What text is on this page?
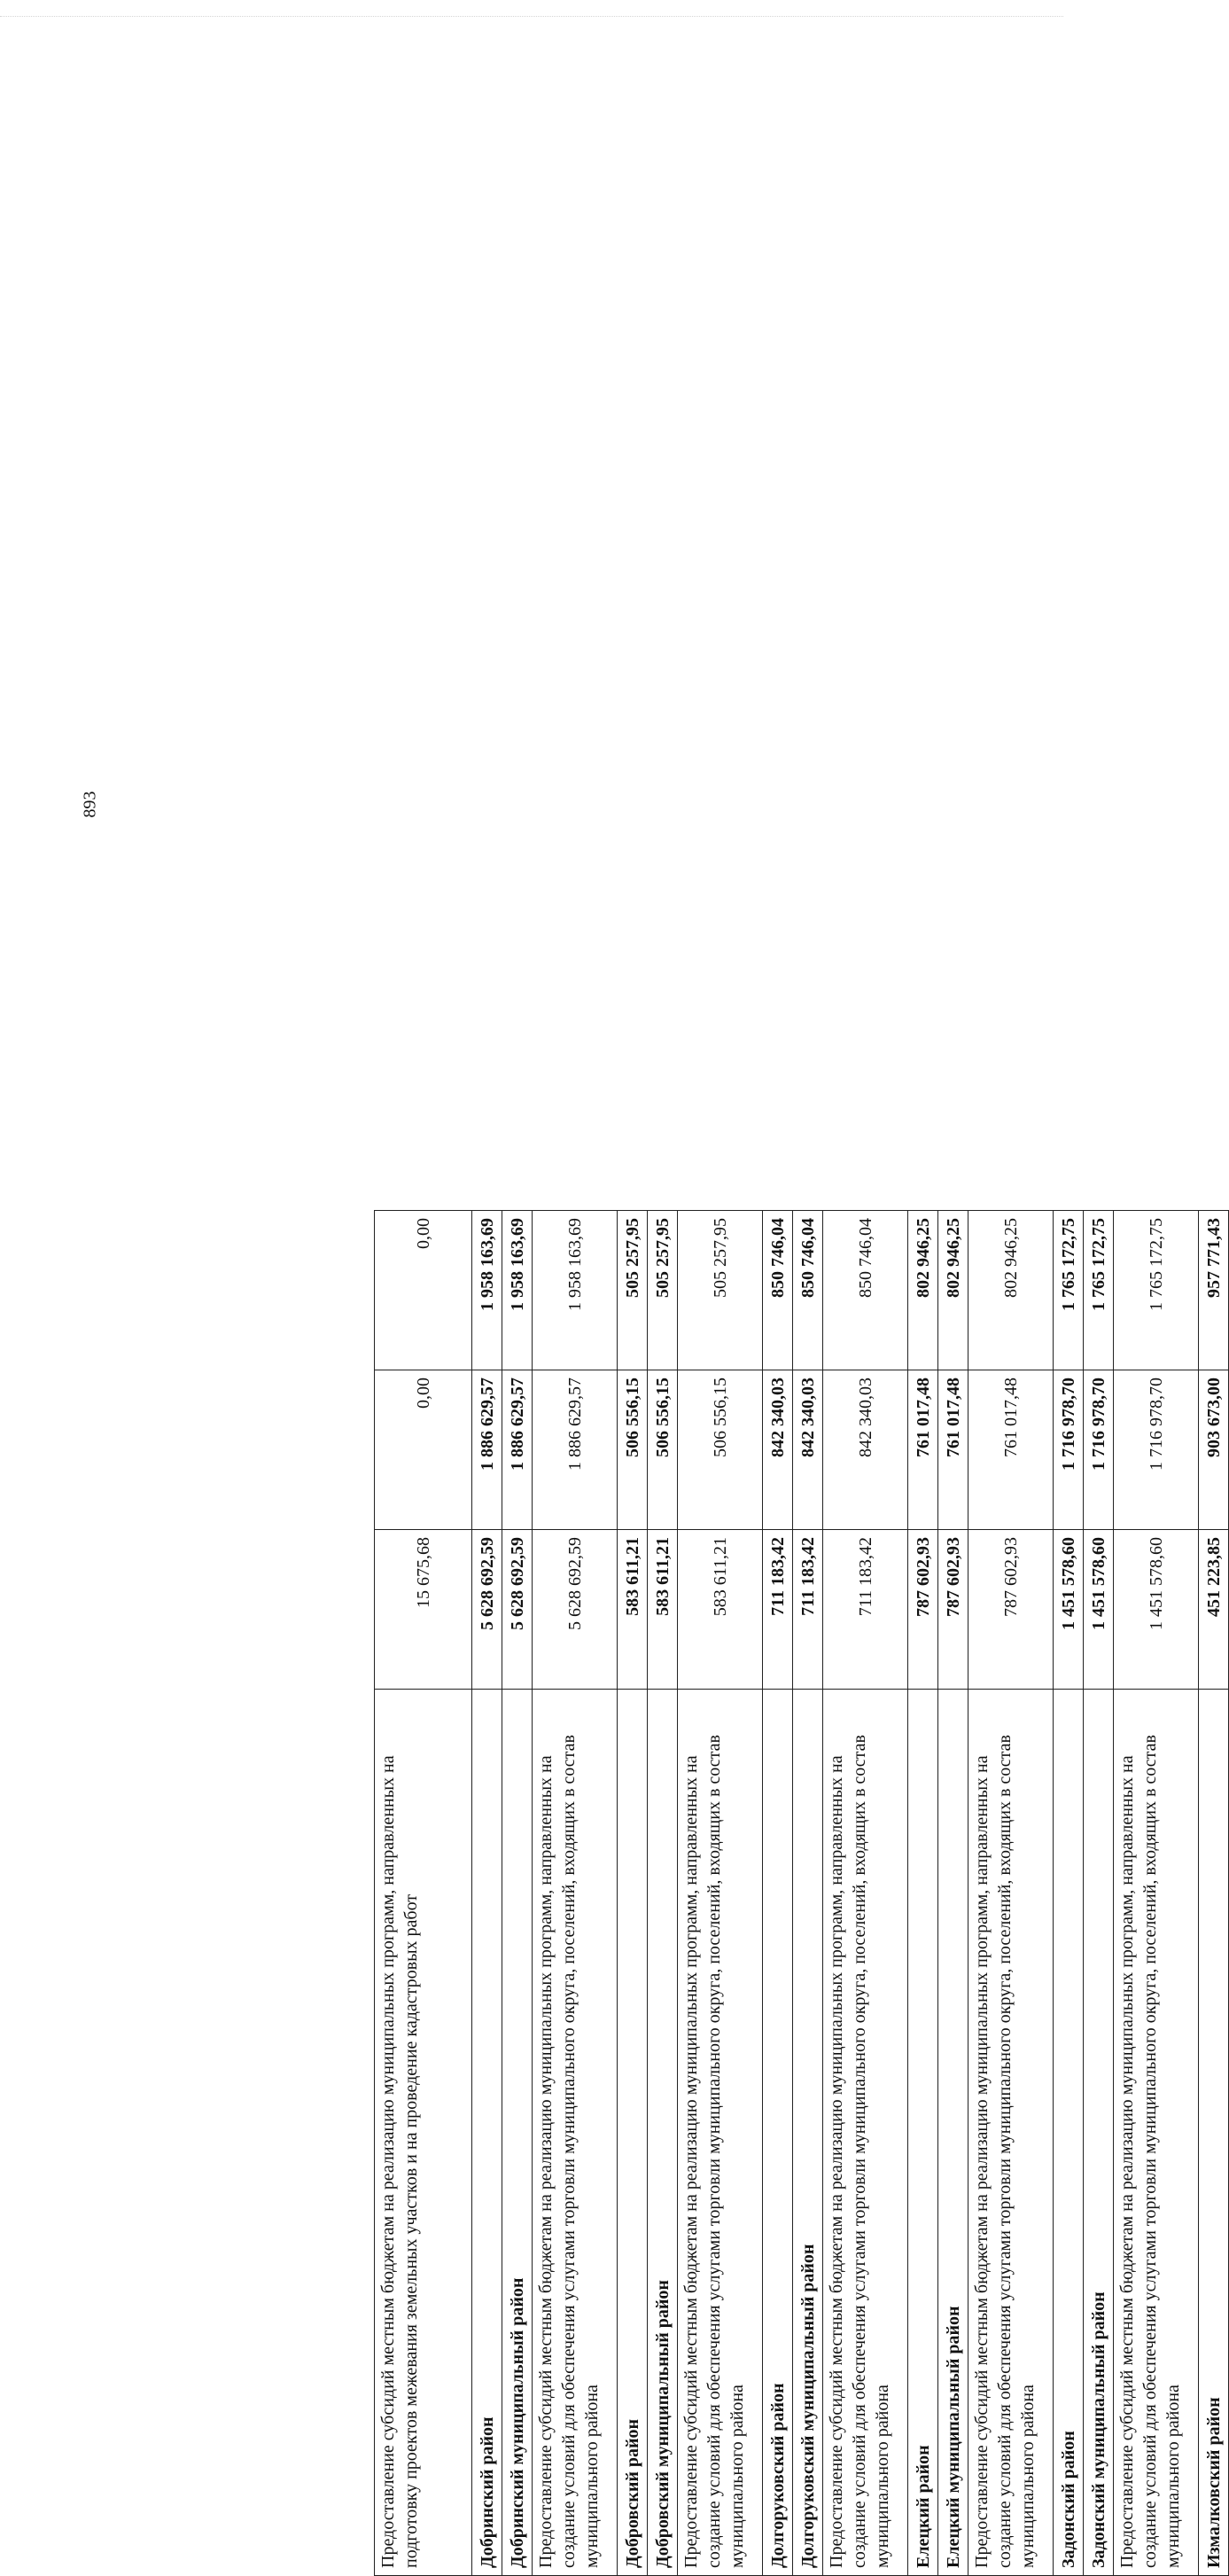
893
Предоставление субсидий местным бюджетам на реализацию муниципальных программ, направленных на подготовку проектов межевания земельных участков и на проведение кадастровых работ	15 675,68	0,00	0,00
Добринский район	5 628 692,59	1 886 629,57	1 958 163,69
Добринский муниципальный район	5 628 692,59	1 886 629,57	1 958 163,69
Предоставление субсидий местным бюджетам на реализацию муниципальных программ, направленных на создание условий для обеспечения услугами торговли муниципального округа, поселений, входящих в состав муниципального района	5 628 692,59	1 886 629,57	1 958 163,69
Добровский район	583 611,21	506 556,15	505 257,95
Добровский муниципальный район	583 611,21	506 556,15	505 257,95
Предоставление субсидий местным бюджетам на реализацию муниципальных программ, направленных на создание условий для обеспечения услугами торговли муниципального округа, поселений, входящих в состав муниципального района	583 611,21	506 556,15	505 257,95
Долгоруковский район	711 183,42	842 340,03	850 746,04
Долгоруковский муниципальный район	711 183,42	842 340,03	850 746,04
Предоставление субсидий местным бюджетам на реализацию муниципальных программ, направленных на создание условий для обеспечения услугами торговли муниципального округа, поселений, входящих в состав муниципального района	711 183,42	842 340,03	850 746,04
Елецкий район	787 602,93	761 017,48	802 946,25
Елецкий муниципальный район	787 602,93	761 017,48	802 946,25
Предоставление субсидий местным бюджетам на реализацию муниципальных программ, направленных на создание условий для обеспечения услугами торговли муниципального округа, поселений, входящих в состав муниципального района	787 602,93	761 017,48	802 946,25
Задонский район	1 451 578,60	1 716 978,70	1 765 172,75
Задонский муниципальный район	1 451 578,60	1 716 978,70	1 765 172,75
Предоставление субсидий местным бюджетам на реализацию муниципальных программ, направленных на создание условий для обеспечения услугами торговли муниципального округа, поселений, входящих в состав муниципального района	1 451 578,60	1 716 978,70	1 765 172,75
Измалковский район	451 223,85	903 673,00	957 771,43
